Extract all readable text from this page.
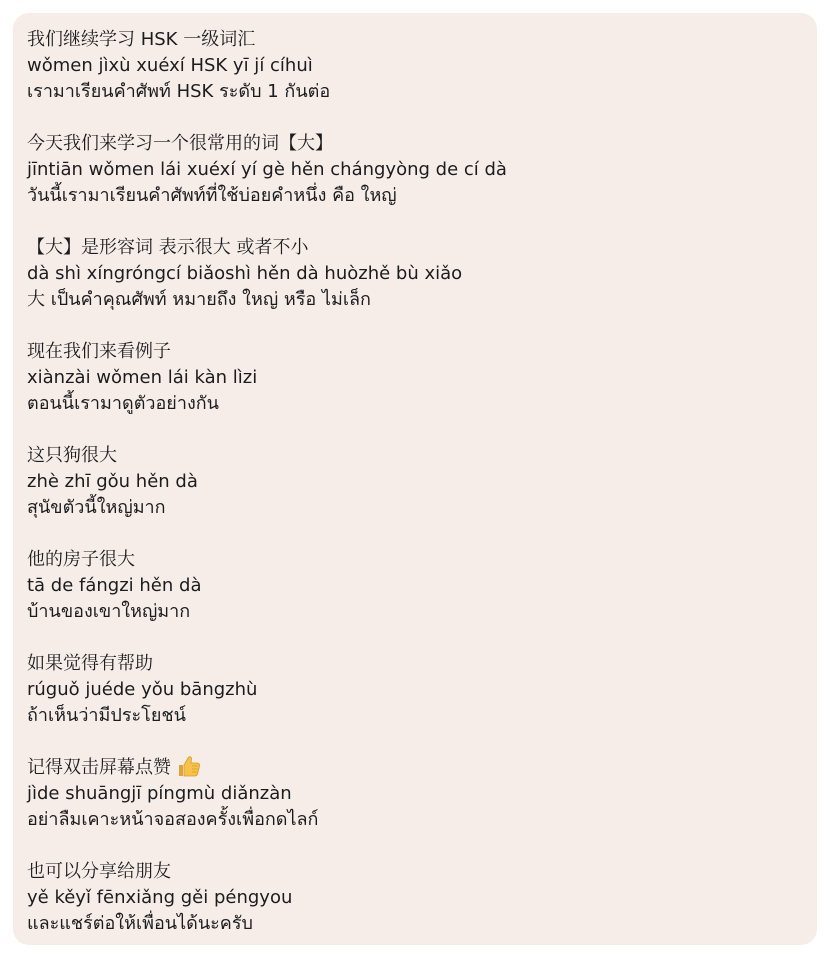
我们继续学习 HSK 一级词汇
wǒmen jìxù xuéxí HSK yī jí cíhuì
เรามาเรียนคำศัพท์ HSK ระดับ 1 กันต่อ
今天我们来学习一个很常用的词【大】
jīntiān wǒmen lái xuéxí yí gè hěn chángyòng de cí dà
วันนี้เรามาเรียนคำศัพท์ที่ใช้บ่อยคำหนึ่ง คือ ใหญ่
【大】是形容词 表示很大 或者不小
dà shì xíngróngcí biǎoshì hěn dà huòzhě bù xiǎo
大 เป็นคำคุณศัพท์ หมายถึง ใหญ่ หรือ ไม่เล็ก
现在我们来看例子
xiànzài wǒmen lái kàn lìzi
ตอนนี้เรามาดูตัวอย่างกัน
这只狗很大
zhè zhī gǒu hěn dà
สุนัขตัวนี้ใหญ่มาก
他的房子很大
tā de fángzi hěn dà
บ้านของเขาใหญ่มาก
如果觉得有帮助
rúguǒ juéde yǒu bāngzhù
ถ้าเห็นว่ามีประโยชน์
记得双击屏幕点赞
jìde shuāngjī píngmù diǎnzàn
อย่าลืมเคาะหน้าจอสองครั้งเพื่อกดไลก์
也可以分享给朋友
yě kěyǐ fēnxiǎng gěi péngyou
และแชร์ต่อให้เพื่อนได้นะครับ
